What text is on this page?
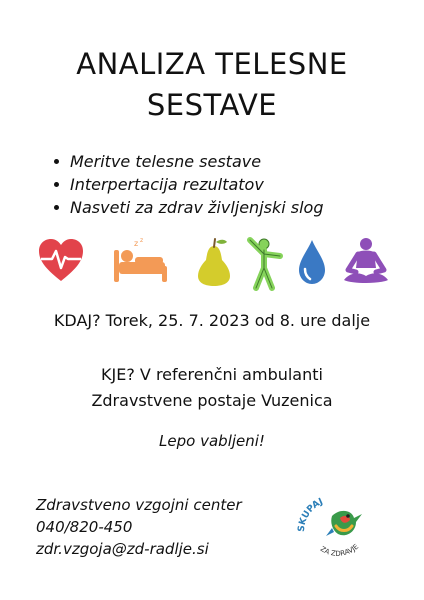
ANALIZA TELESNE
SESTAVE
Meritve telesne sestave
Interpertacija rezultatov
Nasveti za zdrav življenjski slog
z z
KDAJ? Torek, 25. 7. 2023 od 8. ure dalje
KJE? V referenčni ambulanti
Zdravstvene postaje Vuzenica
Lepo vabljeni!
Zdravstveno vzgojni center
040/820-450
zdr.vzgoja@zd-radlje.si
SKUPAJ
ZA ZDRAVJE
